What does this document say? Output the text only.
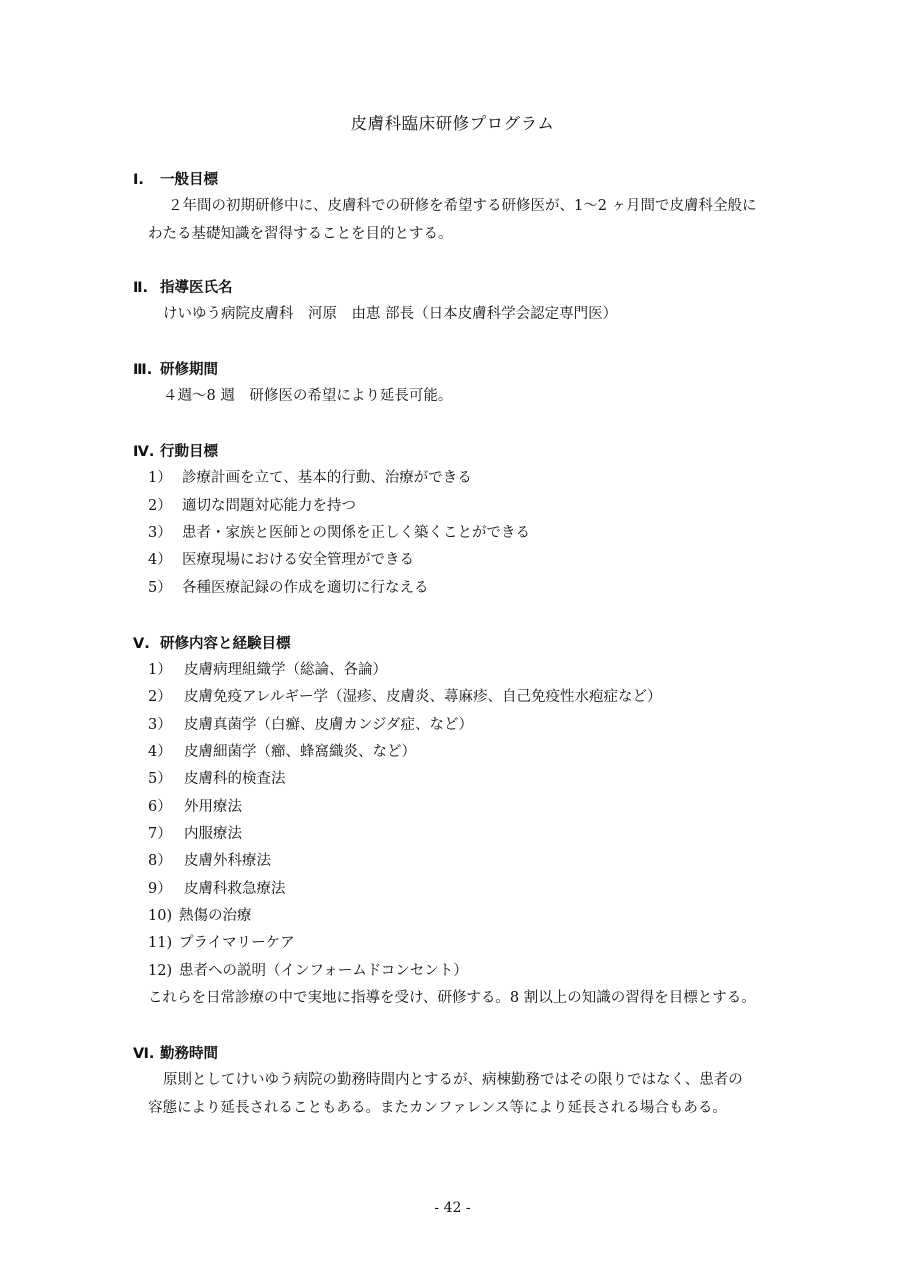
皮膚科臨床研修プログラム
Ⅰ. 一般目標
２年間の初期研修中に、皮膚科での研修を希望する研修医が、1〜2 ヶ月間で皮膚科全般に
わたる基礎知識を習得することを目的とする。
Ⅱ. 指導医氏名
けいゆう病院皮膚科　河原　由恵 部長（日本皮膚科学会認定専門医）
Ⅲ. 研修期間
４週〜8 週　研修医の希望により延長可能。
Ⅳ. 行動目標
1） 診療計画を立て、基本的行動、治療ができる
2） 適切な問題対応能力を持つ
3） 患者・家族と医師との関係を正しく築くことができる
4） 医療現場における安全管理ができる
5） 各種医療記録の作成を適切に行なえる
Ⅴ. 研修内容と経験目標
1） 皮膚病理組織学（総論、各論）
2） 皮膚免疫アレルギー学（湿疹、皮膚炎、蕁麻疹、自己免疫性水疱症など）
3） 皮膚真菌学（白癬、皮膚カンジダ症、など）
4） 皮膚細菌学（癤、蜂窩織炎、など）
5） 皮膚科的検査法
6） 外用療法
7） 内服療法
8） 皮膚外科療法
9） 皮膚科救急療法
10) 熱傷の治療
11) プライマリーケア
12) 患者への説明（インフォームドコンセント）
これらを日常診療の中で実地に指導を受け、研修する。8 割以上の知識の習得を目標とする。
Ⅵ. 勤務時間
原則としてけいゆう病院の勤務時間内とするが、病棟勤務ではその限りではなく、患者の
容態により延長されることもある。またカンファレンス等により延長される場合もある。
- 42 -
